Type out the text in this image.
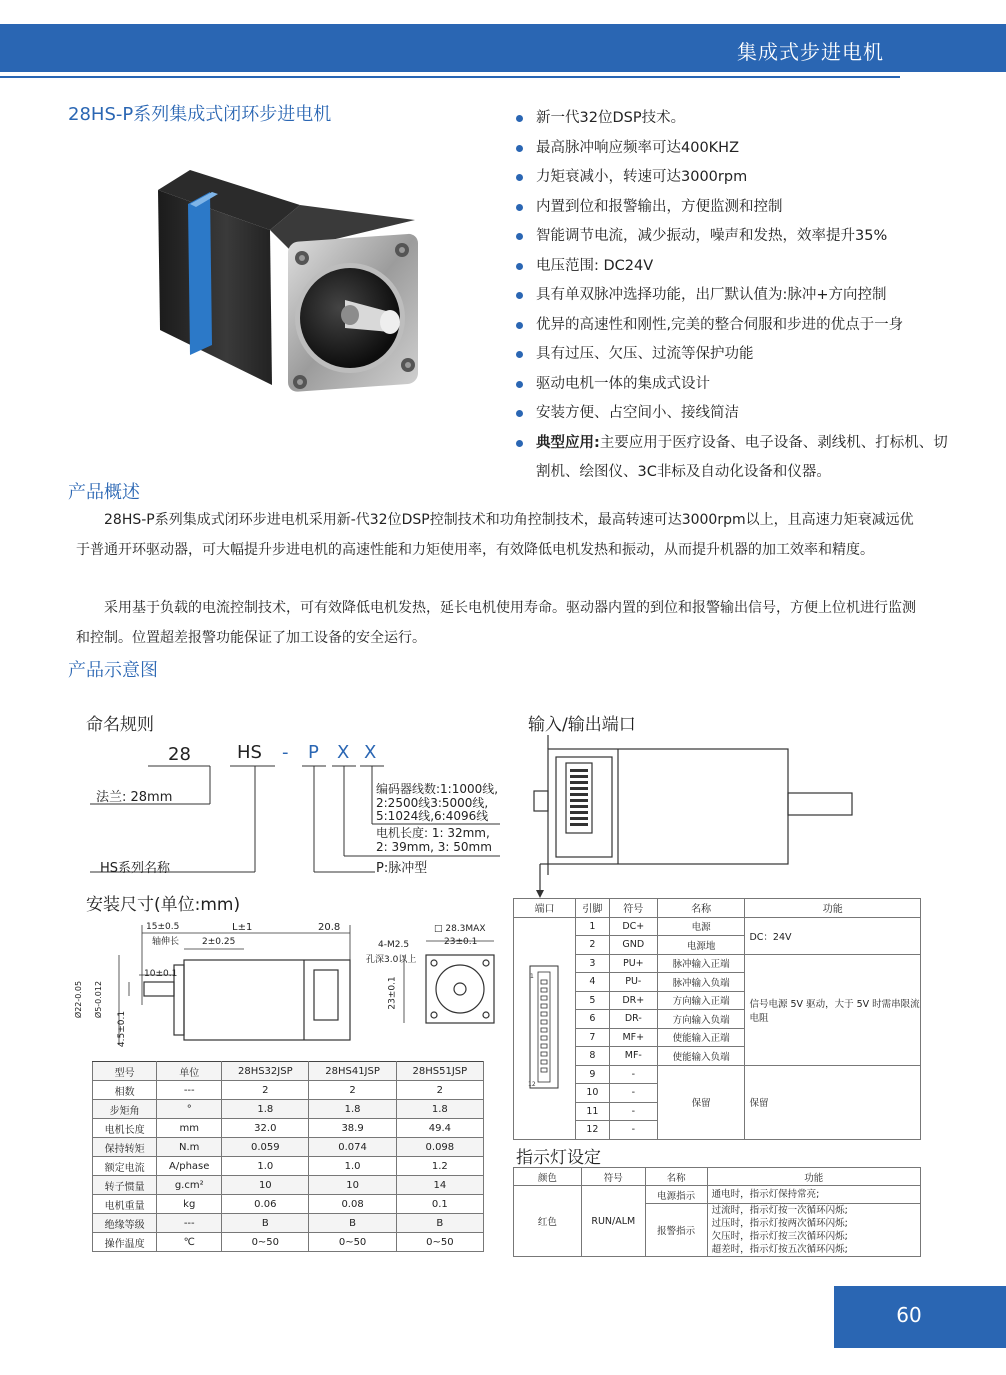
集成式步进电机
28HS-P系列集成式闭环步进电机	新一代32位DSP技术。
最高脉冲响应频率可达400KHZ
力矩衰减小，转速可达3000rpm
内置到位和报警输出，方便监测和控制
智能调节电流，减少振动，噪声和发热，效率提升35%
电压范围: DC24V
具有单双脉冲选择功能，出厂默认值为:脉冲+方向控制
优异的高速性和刚性,完美的整合伺服和步进的优点于一身
具有过压、欠压、过流等保护功能
驱动电机一体的集成式设计
安装方便、占空间小、接线简洁
典型应用:主要应用于医疗设备、电子设备、剥线机、打标机、切割机、绘图仪、3C非标及自动化设备和仪器。
产品概述
28HS-P系列集成式闭环步进电机采用新-代32位DSP控制技术和功角控制技术，最高转速可达3000rpm以上，且高速力矩衰减远优于普通开环驱动器，可大幅提升步进电机的高速性能和力矩使用率，有效降低电机发热和振动，从而提升机器的加工效率和精度。
采用基于负载的电流控制技术，可有效降低电机发热，延长电机使用寿命。驱动器内置的到位和报警输出信号，方便上位机进行监测和控制。位置超差报警功能保证了加工设备的安全运行。
产品示意图
命名规则
28	HS - P X X
法兰: 28mm
HS系列名称	P:脉冲型
编码器线数:1:1000线,
2:2500线3:5000线,
5:1024线,6:4096线
电机长度: 1: 32mm,
2: 39mm, 3: 50mm
输入/输出端口
安装尺寸(单位:mm)
15±0.5
轴伸长
L±1	20.8
2±0.25
□ 28.3MAX
23±0.1
4-M2.5
孔深3.0以上
10±0.1
23±0.1
4.5±0.1
Ø22-0.05 Ø5-0.012
型号	单位	28HS32JSP	28HS41JSP	28HS51JSP
相数	---	2	2	2
步矩角	°	1.8	1.8	1.8
电机长度	mm	32.0	38.9	49.4
保持转矩	N.m	0.059	0.074	0.098
额定电流	A/phase	1.0	1.0	1.2
转子惯量	g.cm²	10	10	14
电机重量	kg	0.06	0.08	0.1
绝缘等级	---	B	B	B
操作温度	℃	0~50	0~50	0~50
端口	引脚	符号	名称	功能

1
12	1	DC+	电源	DC：24V
	2	GND	电源地	
	3	PU+	脉冲输入正端	信号电源 5V 驱动，大于 5V 时需串限流电阻
	4	PU-	脉冲输入负端	
	5	DR+	方向输入正端	
	6	DR-	方向输入负端	
	7	MF+	使能输入正端	
	8	MF-	使能输入负端	
	9	-	保留	保留
	10	-		
	11	-		
	12	-		
指示灯设定
颜色	符号	名称	功能
红色	RUN/ALM	电源指示	通电时，指示灯保持常亮;
		报警指示	过流时，指示灯按一次循环闪烁;
过压时，指示灯按两次循环闪烁;
欠压时，指示灯按三次循环闪烁;
超差时，指示灯按五次循环闪烁;
60
